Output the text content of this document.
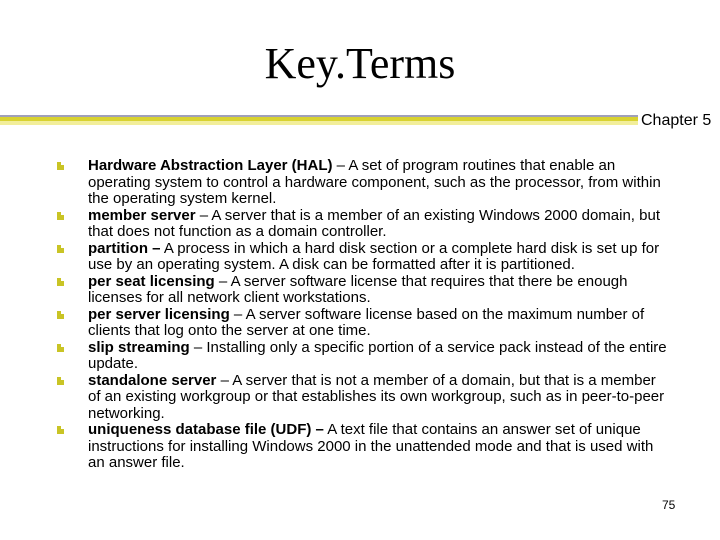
Key.Terms
Chapter 5
Hardware Abstraction Layer (HAL) – A set of program routines that enable an operating system to control a hardware component, such as the processor, from within the operating system kernel.
member server – A server that is a member of an existing Windows 2000 domain, but that does not function as a domain controller.
partition – A process in which a hard disk section or a complete hard disk is set up for use by an operating system. A disk can be formatted after it is partitioned.
per seat licensing – A server software license that requires that there be enough licenses for all network client workstations.
per server licensing – A server software license based on the maximum number of clients that log onto the server at one time.
slip streaming – Installing only a specific portion of a service pack instead of the entire update.
standalone server – A server that is not a member of a domain, but that is a member of an existing workgroup or that establishes its own workgroup, such as in peer-to-peer networking.
uniqueness database file (UDF) – A text file that contains an answer set of unique instructions for installing Windows 2000 in the unattended mode and that is used with an answer file.
75
